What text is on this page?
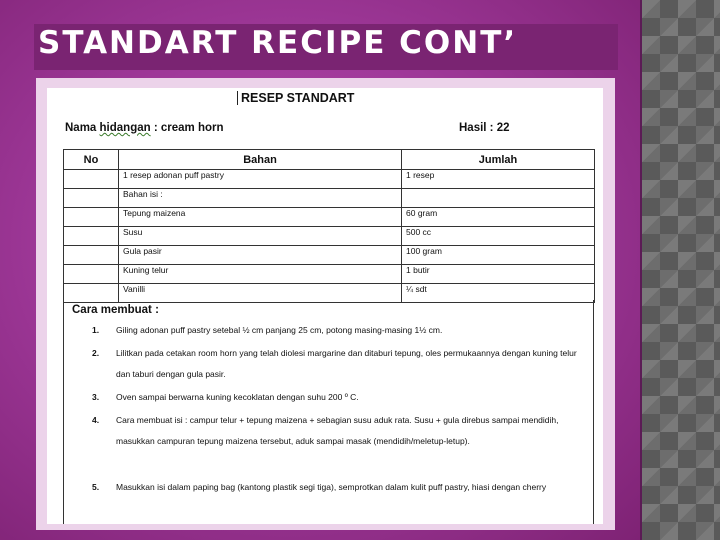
STANDART RECIPE CONT’
RESEP STANDART
Nama hidangan : cream horn	Hasil : 22
No	Bahan	Jumlah
	1 resep adonan puff pastry	1 resep
	Bahan isi :	
	Tepung maizena	60 gram
	Susu	500 cc
	Gula pasir	100 gram
	Kuning telur	1 butir
	Vanilli	¼ sdt
Cara membuat :
1. Giling adonan puff pastry setebal ½ cm panjang 25 cm, potong masing-masing 1½ cm.
2. Lilitkan pada cetakan room horn yang telah diolesi margarine dan ditaburi tepung, oles permukaannya dengan kuning telur dan taburi dengan gula pasir.
3. Oven sampai berwarna kuning kecoklatan dengan suhu 200 º C.
4. Cara membuat isi : campur telur + tepung maizena + sebagian susu aduk rata. Susu + gula direbus sampai mendidih, masukkan campuran tepung maizena tersebut, aduk sampai masak (mendidih/meletup-letup).
5. Masukkan isi dalam paping bag (kantong plastik segi tiga), semprotkan dalam kulit puff pastry, hiasi dengan cherry
